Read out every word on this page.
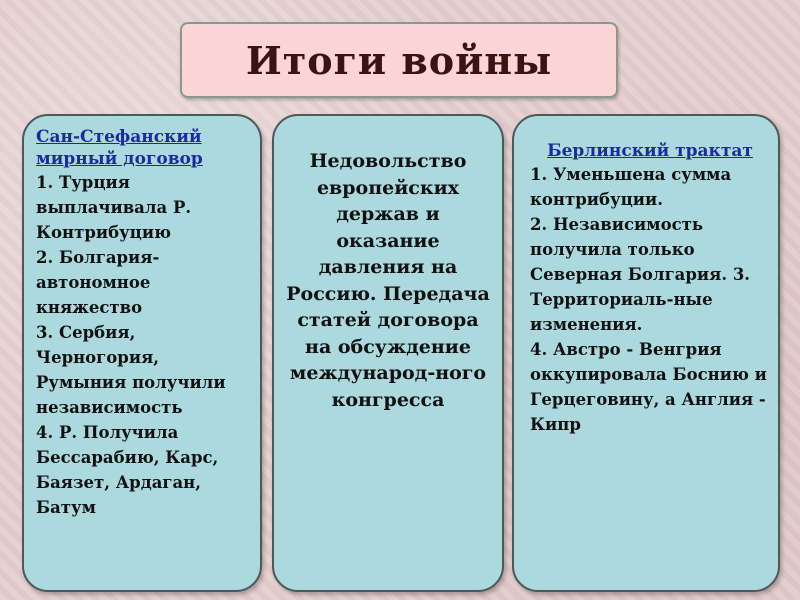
Итоги войны
Сан-Стефанский мирный договор
1. Турция выплачивала Р. Контрибуцию
2. Болгария-автономное княжество
3. Сербия, Черногория, Румыния получили независимость
4. Р. Получила Бессарабию, Карс, Баязет, Ардаган, Батум

Недовольство европейских держав и оказание давления на Россию. Передача статей договора на обсуждение международ-ного конгресса

Берлинский трактат
1. Уменьшена сумма контрибуции.
2. Независимость получила только Северная Болгария. 3. Территориаль-ные изменения.
4. Австро - Венгрия оккупировала Боснию и Герцеговину, а Англия - Кипр
